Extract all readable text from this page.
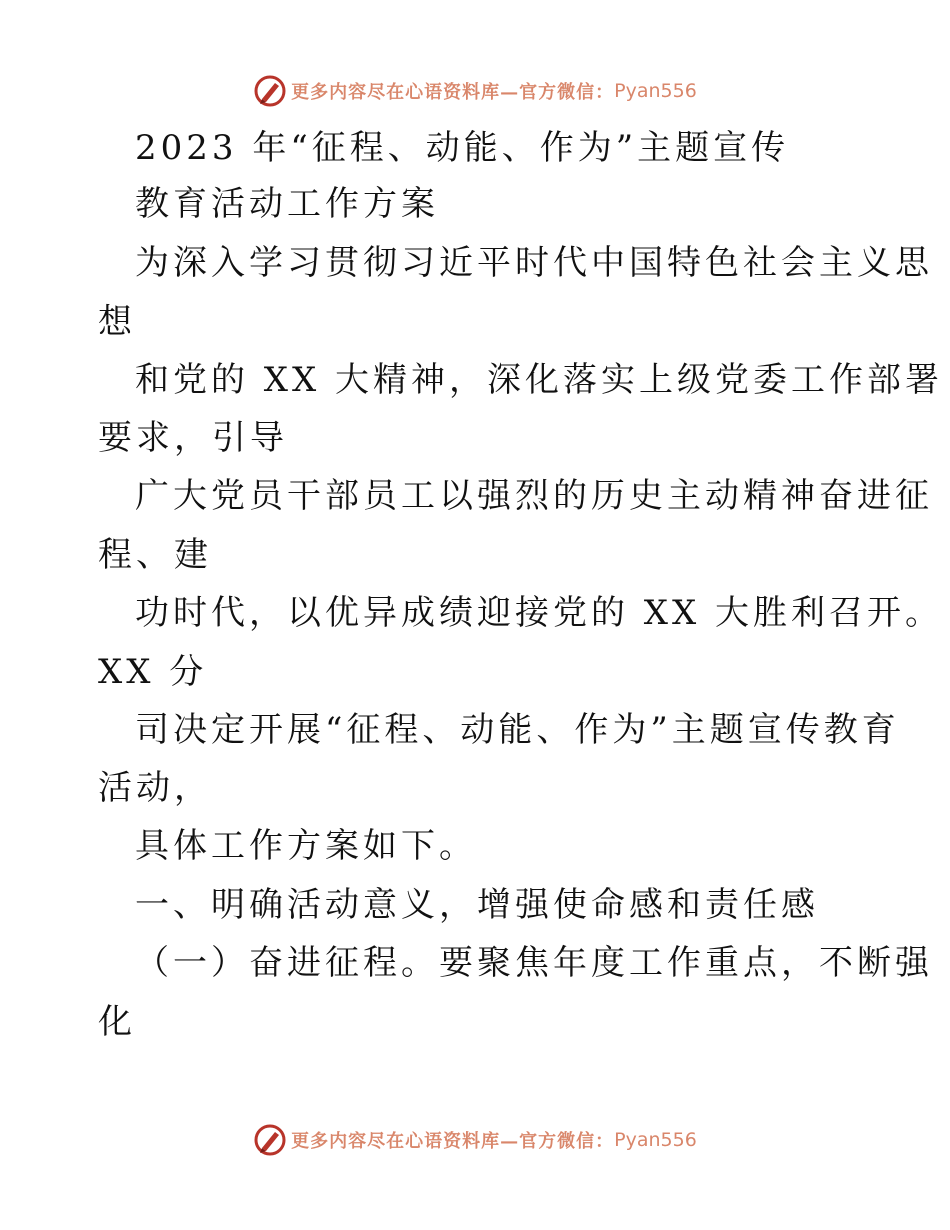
更多内容尽在心语资料库—官方微信： Pyan556
2023 年“征程、动能、作为”主题宣传
教育活动工作方案
为深入学习贯彻习近平时代中国特色社会主义思
想
和党的 XX 大精神，深化落实上级党委工作部署
要求，引导
广大党员干部员工以强烈的历史主动精神奋进征
程、建
功时代，以优异成绩迎接党的 XX 大胜利召开。
XX 分
司决定开展“征程、动能、作为”主题宣传教育
活动，
具体工作方案如下。
一、明确活动意义，增强使命感和责任感
（一）奋进征程。要聚焦年度工作重点，不断强
化
更多内容尽在心语资料库—官方微信： Pyan556
